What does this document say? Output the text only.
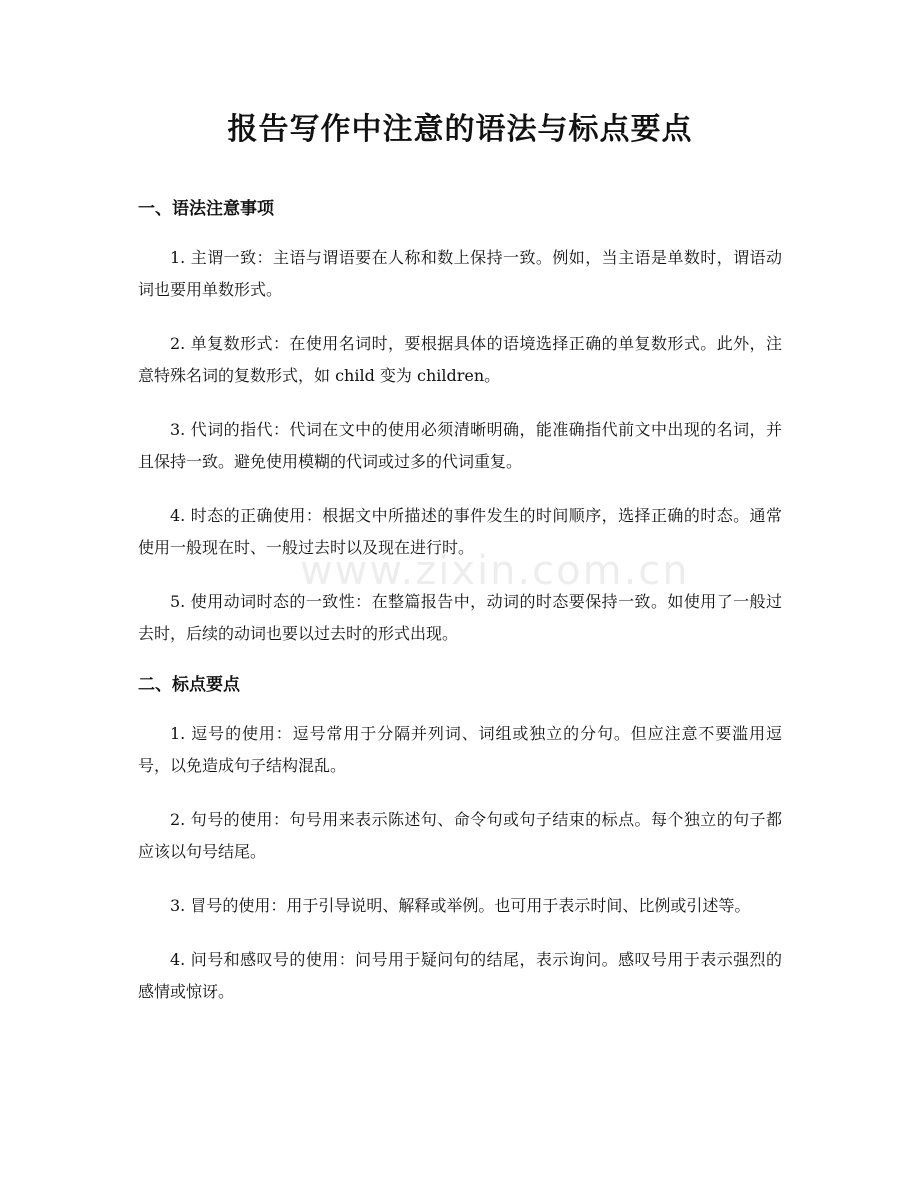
报告写作中注意的语法与标点要点
一、语法注意事项

1. 主谓一致：主语与谓语要在人称和数上保持一致。例如，当主语是单数时，谓语动词也要用单数形式。

2. 单复数形式：在使用名词时，要根据具体的语境选择正确的单复数形式。此外，注意特殊名词的复数形式，如 child 变为 children。

3. 代词的指代：代词在文中的使用必须清晰明确，能准确指代前文中出现的名词，并且保持一致。避免使用模糊的代词或过多的代词重复。

4. 时态的正确使用：根据文中所描述的事件发生的时间顺序，选择正确的时态。通常使用一般现在时、一般过去时以及现在进行时。

5. 使用动词时态的一致性：在整篇报告中，动词的时态要保持一致。如使用了一般过去时，后续的动词也要以过去时的形式出现。

二、标点要点

1. 逗号的使用：逗号常用于分隔并列词、词组或独立的分句。但应注意不要滥用逗号，以免造成句子结构混乱。

2. 句号的使用：句号用来表示陈述句、命令句或句子结束的标点。每个独立的句子都应该以句号结尾。

3. 冒号的使用：用于引导说明、解释或举例。也可用于表示时间、比例或引述等。

4. 问号和感叹号的使用：问号用于疑问句的结尾，表示询问。感叹号用于表示强烈的感情或惊讶。

www.zixin.com.cn
